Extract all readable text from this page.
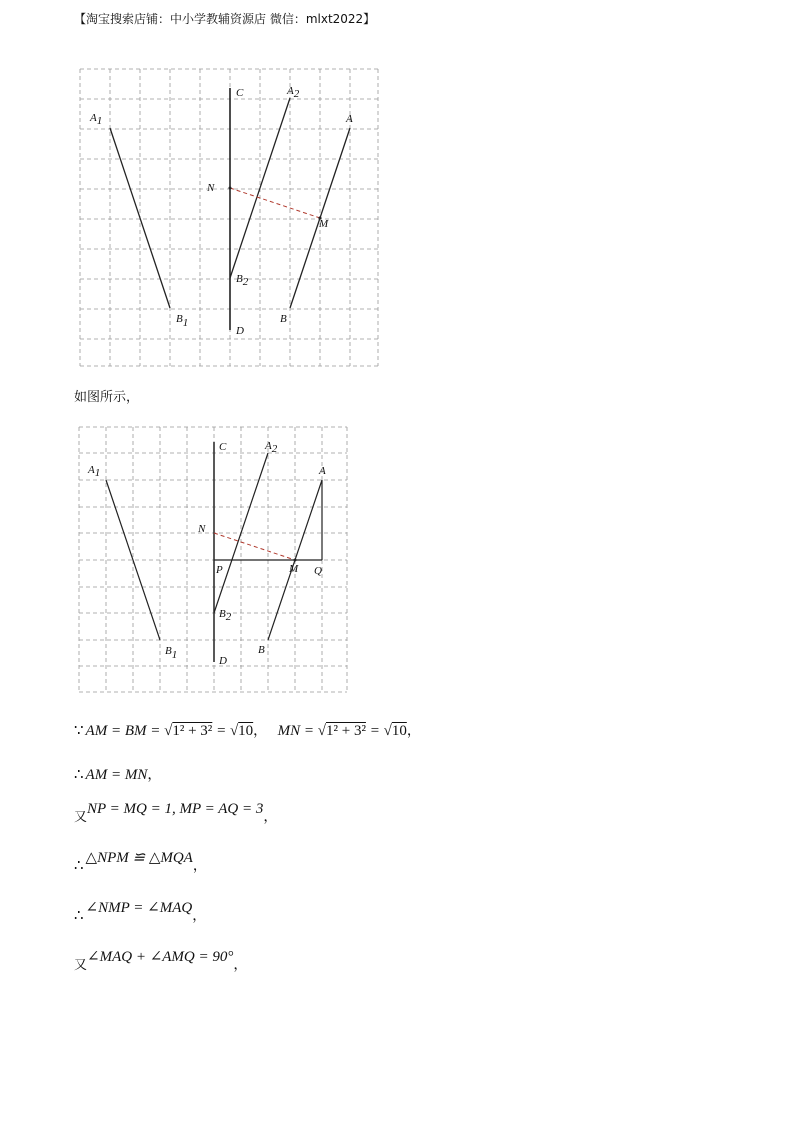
【淘宝搜索店铺：中小学教辅资源店 微信：mlxt2022】
A1
B1
C
D
A2
B2
A
B
N
M
如图所示，
A1
B1
C
D
A2
B2
A
B
N
P	M Q
∵ AM = BM = √1² + 3² = √10， MN = √1² + 3² = √10，
∴ AM = MN，
又NP = MQ = 1, MP = AQ = 3，
∴ △NPM ≌ △MQA，
∴ ∠NMP = ∠MAQ，
又∠MAQ + ∠AMQ = 90°，
